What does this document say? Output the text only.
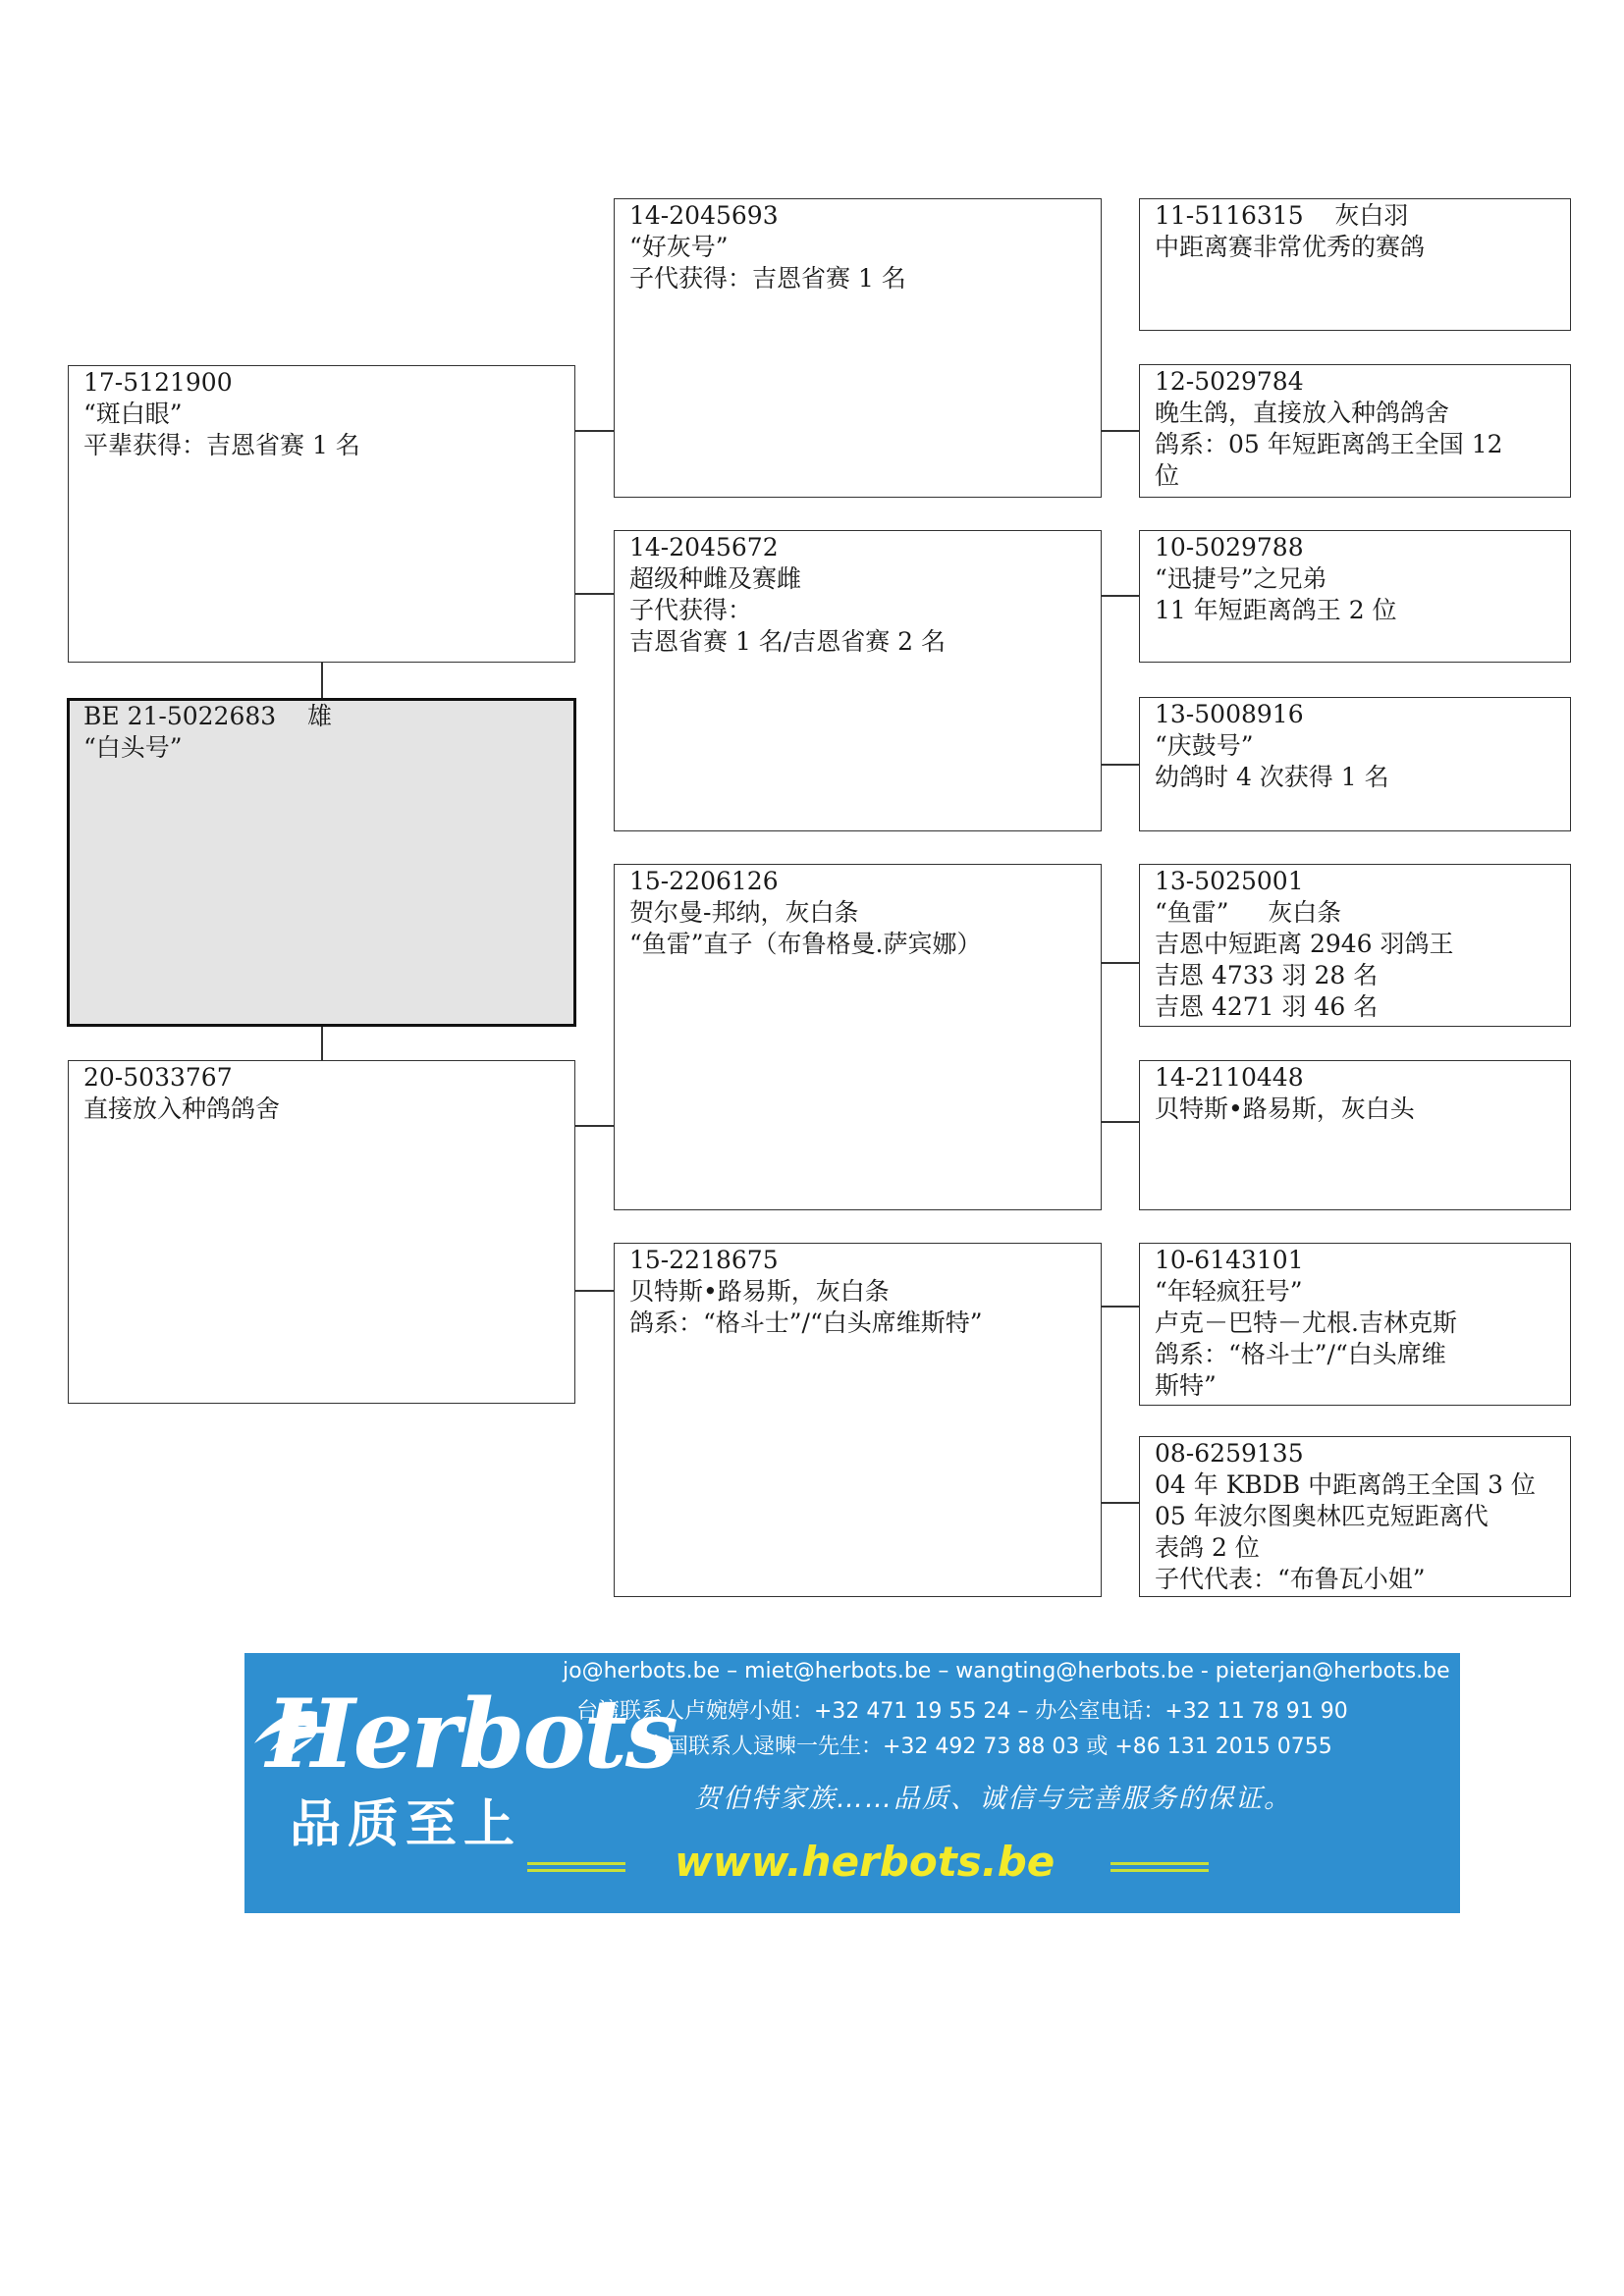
17-5121900
“斑白眼”
平辈获得：吉恩省赛 1 名
BE 21-5022683    雄
“白头号”
20-5033767
直接放入种鸽鸽舍
14-2045693
“好灰号”
子代获得：吉恩省赛 1 名
14-2045672
超级种雌及赛雌
子代获得：
吉恩省赛 1 名/吉恩省赛 2 名
15-2206126
贺尔曼-邦纳，灰白条
“鱼雷”直子（布鲁格曼.萨宾娜）
15-2218675
贝特斯•路易斯，灰白条
鸽系：“格斗士”/“白头席维斯特”
11-5116315    灰白羽
中距离赛非常优秀的赛鸽
12-5029784
晚生鸽，直接放入种鸽鸽舍
鸽系：05 年短距离鸽王全国 12
位
10-5029788
“迅捷号”之兄弟
11 年短距离鸽王 2 位
13-5008916
“庆鼓号”
幼鸽时 4 次获得 1 名
13-5025001
“鱼雷”     灰白条
吉恩中短距离 2946 羽鸽王
吉恩 4733 羽 28 名
吉恩 4271 羽 46 名
14-2110448
贝特斯•路易斯，灰白头
10-6143101
“年轻疯狂号”
卢克－巴特－尤根.吉林克斯
鸽系：“格斗士”/“白头席维
斯特”
08-6259135
04 年 KBDB 中距离鸽王全国 3 位
05 年波尔图奥林匹克短距离代
表鸽 2 位
子代代表：“布鲁瓦小姐”
Herbots
品质至上
jo@herbots.be – miet@herbots.be – wangting@herbots.be - pieterjan@herbots.be
台湾联系人卢婉婷小姐：+32 471 19 55 24 – 办公室电话：+32 11 78 91 90
中国联系人逯暕一先生：+32 492 73 88 03 或 +86 131 2015 0755
贺伯特家族……品质、诚信与完善服务的保证。
www.herbots.be
